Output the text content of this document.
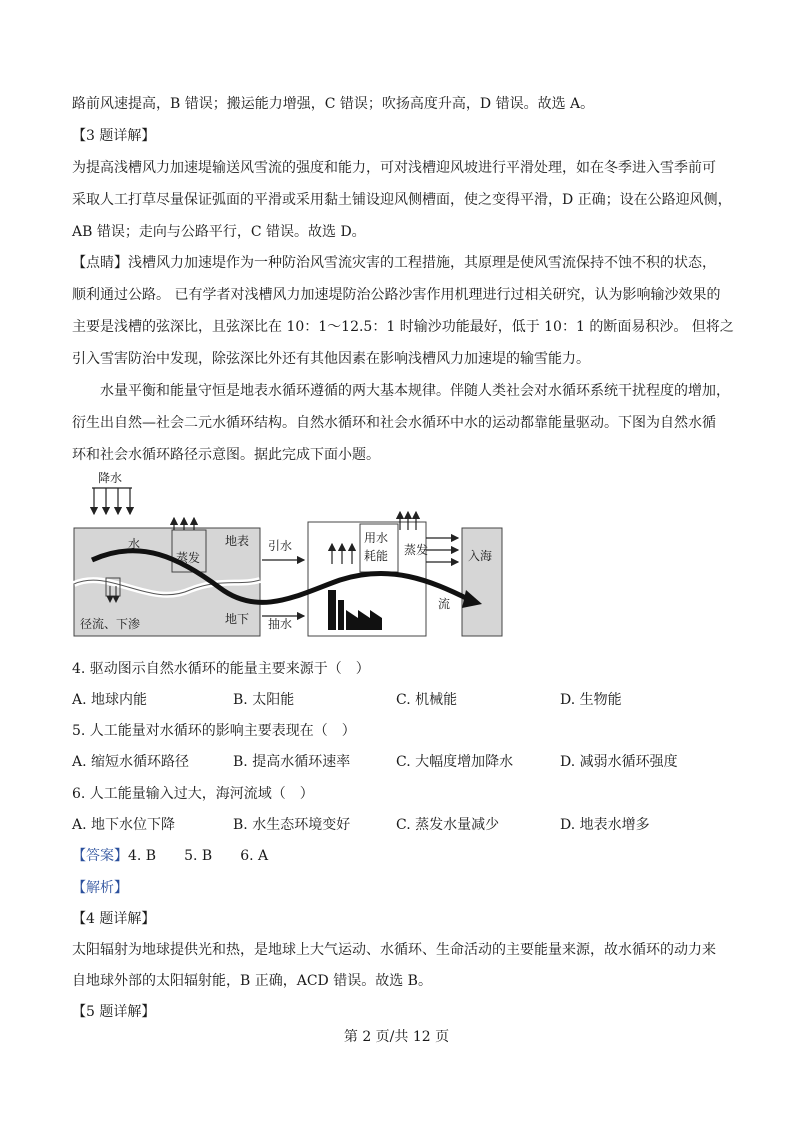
路前风速提高，B 错误；搬运能力增强，C 错误；吹扬高度升高，D 错误。故选 A。
【3 题详解】
为提高浅槽风力加速堤输送风雪流的强度和能力，可对浅槽迎风坡进行平滑处理，如在冬季进入雪季前可
采取人工打草尽量保证弧面的平滑或采用黏土铺设迎风侧槽面，使之变得平滑，D 正确；设在公路迎风侧，
AB 错误；走向与公路平行，C 错误。故选 D。
【点睛】浅槽风力加速堤作为一种防治风雪流灾害的工程措施，其原理是使风雪流保持不蚀不积的状态，
顺利通过公路。 已有学者对浅槽风力加速堤防治公路沙害作用机理进行过相关研究，认为影响输沙效果的
主要是浅槽的弦深比，且弦深比在 10：1～12.5：1 时输沙功能最好，低于 10：1 的断面易积沙。 但将之
引入雪害防治中发现，除弦深比外还有其他因素在影响浅槽风力加速堤的输雪能力。
水量平衡和能量守恒是地表水循环遵循的两大基本规律。伴随人类社会对水循环系统干扰程度的增加，
衍生出自然—社会二元水循环结构。自然水循环和社会水循环中水的运动都靠能量驱动。下图为自然水循
环和社会水循环路径示意图。据此完成下面小题。
降水
水	地表
地下
径流、下渗
蒸发
引水
抽水
用水
耗能 蒸发	入海
流
4. 驱动图示自然水循环的能量主要来源于（　）
A. 地球内能	B. 太阳能	C. 机械能	D. 生物能
5. 人工能量对水循环的影响主要表现在（　）
A. 缩短水循环路径	B. 提高水循环速率	C. 大幅度增加降水	D. 减弱水循环强度
6. 人工能量输入过大，海河流域（　）
A. 地下水位下降	B. 水生态环境变好	C. 蒸发水量减少	D. 地表水增多
【答案】4. B　　5. B　　6. A
【解析】
【4 题详解】
太阳辐射为地球提供光和热，是地球上大气运动、水循环、生命活动的主要能量来源，故水循环的动力来
自地球外部的太阳辐射能，B 正确，ACD 错误。故选 B。
【5 题详解】
第 2 页/共 12 页
